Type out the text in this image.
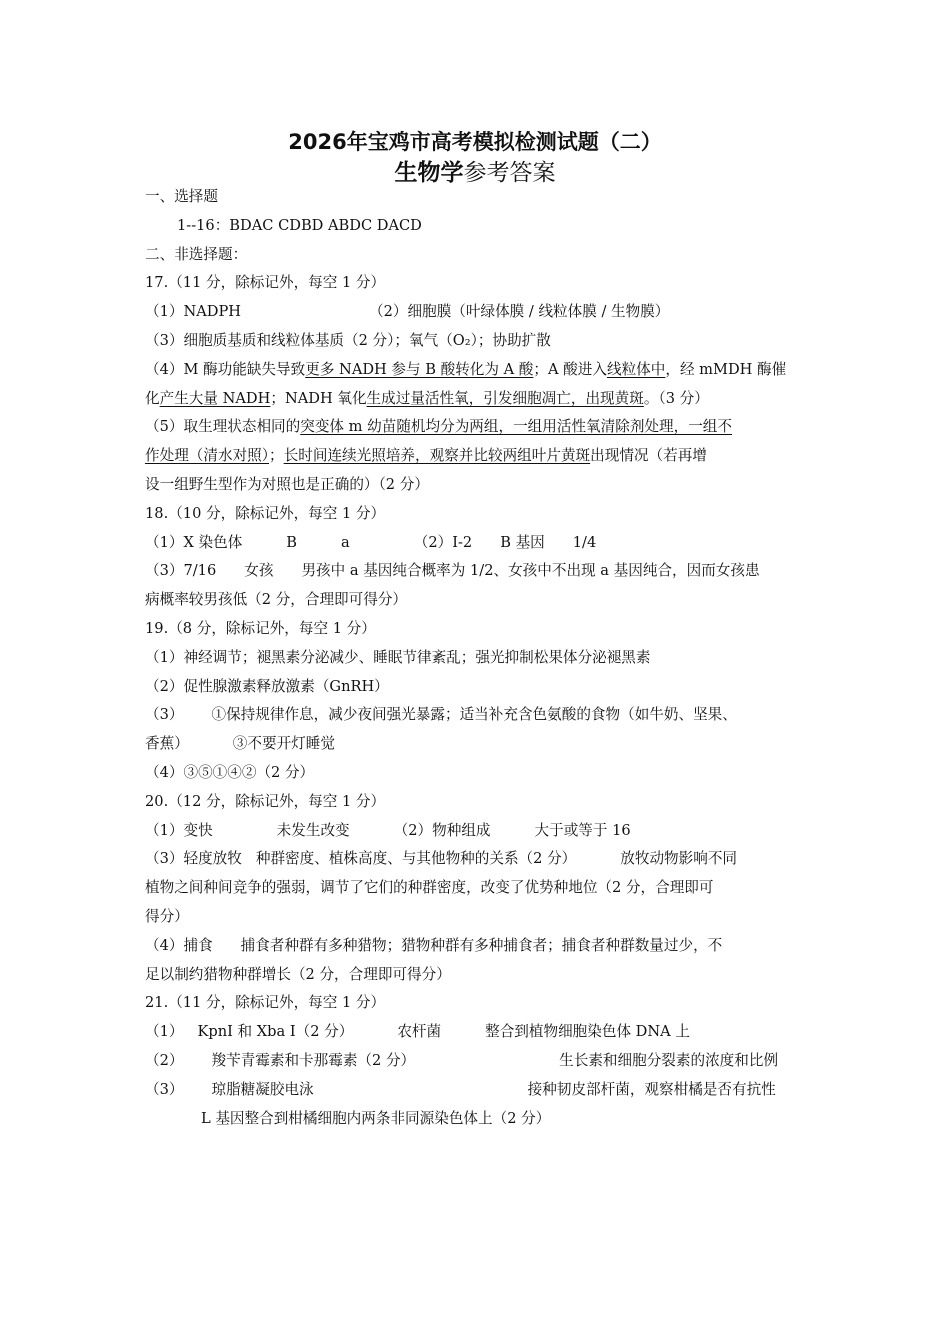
2026年宝鸡市高考模拟检测试题（二）
生物学参考答案
一、选择题
1--16：BDAC CDBD ABDC DACD
二、非选择题：
17.（11 分，除标记外，每空 1 分）
（1）NADPH	（2）细胞膜（叶绿体膜 / 线粒体膜 / 生物膜）
（3）细胞质基质和线粒体基质（2 分）；氧气（O₂）；协助扩散
（4）M 酶功能缺失导致更多 NADH 参与 B 酸转化为 A 酸；A 酸进入线粒体中，经 mMDH 酶催
化产生大量 NADH；NADH 氧化生成过量活性氧，引发细胞凋亡，出现黄斑。（3 分）
（5）取生理状态相同的突变体 m 幼苗随机均分为两组，一组用活性氧清除剂处理，一组不
作处理（清水对照）；长时间连续光照培养，观察并比较两组叶片黄斑出现情况（若再增
设一组野生型作为对照也是正确的）（2 分）
18.（10 分，除标记外，每空 1 分）
（1）X 染色体	B	a	（2）Ⅰ-2 B 基因 1/4
（3）7/16 女孩 男孩中 a 基因纯合概率为 1/2、女孩中不出现 a 基因纯合，因而女孩患
病概率较男孩低（2 分，合理即可得分）
19.（8 分，除标记外，每空 1 分）
（1）神经调节；褪黑素分泌减少、睡眠节律紊乱；强光抑制松果体分泌褪黑素
（2）促性腺激素释放激素（GnRH）
（3） ①保持规律作息，减少夜间强光暴露；适当补充含色氨酸的食物（如牛奶、坚果、
香蕉）	③不要开灯睡觉
（4）③⑤①④②（2 分）
20.（12 分，除标记外，每空 1 分）
（1）变快	未发生改变	（2）物种组成	大于或等于 16
（3）轻度放牧 种群密度、植株高度、与其他物种的关系（2 分）	放牧动物影响不同
植物之间种间竞争的强弱，调节了它们的种群密度，改变了优势种地位（2 分，合理即可
得分）
（4）捕食 捕食者种群有多种猎物；猎物种群有多种捕食者；捕食者种群数量过少，不
足以制约猎物种群增长（2 分，合理即可得分）
21.（11 分，除标记外，每空 1 分）
（1） KpnⅠ 和 Xba Ⅰ（2 分）	农杆菌	整合到植物细胞染色体 DNA 上
（2） 羧苄青霉素和卡那霉素（2 分）	生长素和细胞分裂素的浓度和比例
（3） 琼脂糖凝胶电泳	接种韧皮部杆菌，观察柑橘是否有抗性
L 基因整合到柑橘细胞内两条非同源染色体上（2 分）
